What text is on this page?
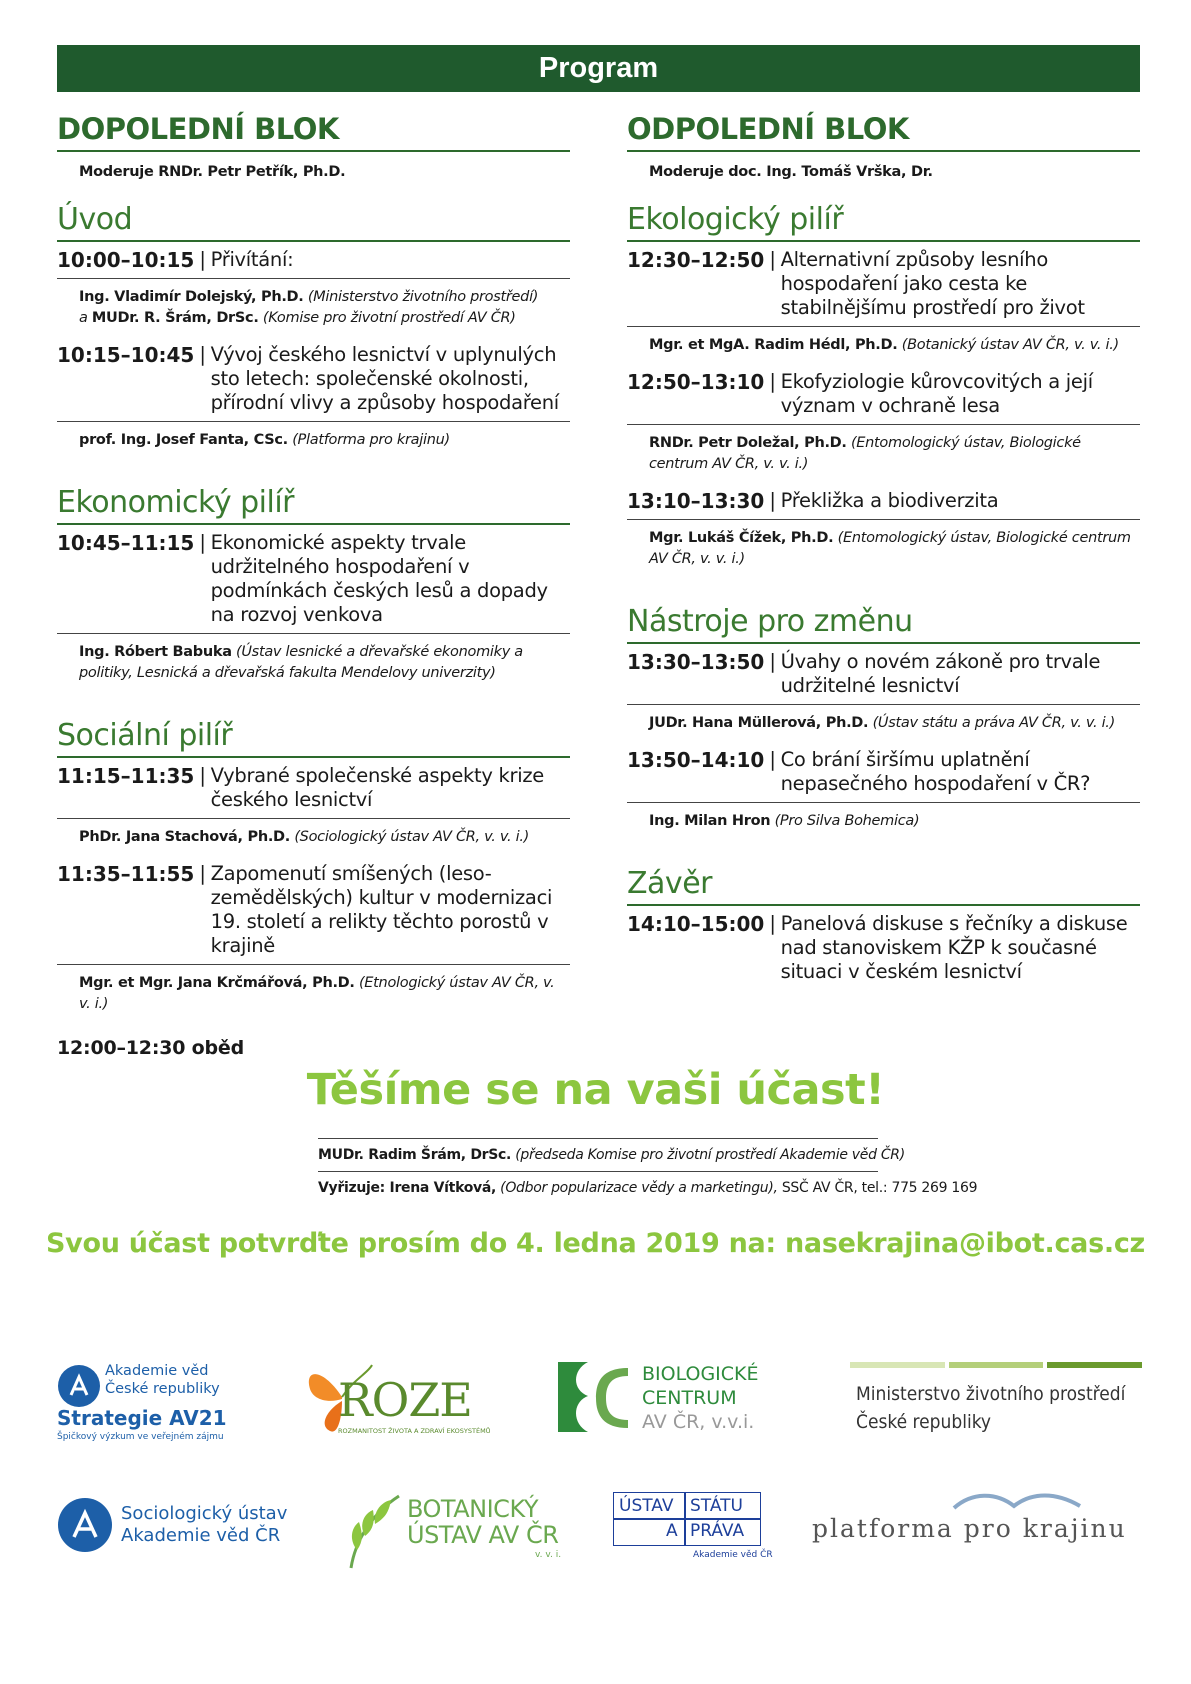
Program
DOPOLEDNÍ BLOK
Moderuje RNDr. Petr Petřík, Ph.D.
Úvod
10:00–10:15 | Přivítání:
Ing. Vladimír Dolejský, Ph.D. (Ministerstvo životního prostředí)
a MUDr. R. Šrám, DrSc. (Komise pro životní prostředí AV ČR)
10:15–10:45 | Vývoj českého lesnictví v uplynulých sto letech: společenské okolnosti, přírodní vlivy a způsoby hospodaření
prof. Ing. Josef Fanta, CSc. (Platforma pro krajinu)
Ekonomický pilíř
10:45–11:15 | Ekonomické aspekty trvale udržitelného hospodaření v podmínkách českých lesů a dopady na rozvoj venkova
Ing. Róbert Babuka (Ústav lesnické a dřevařské ekonomiky a politiky, Lesnická a dřevařská fakulta Mendelovy univerzity)
Sociální pilíř
11:15–11:35 | Vybrané společenské aspekty krize českého lesnictví
PhDr. Jana Stachová, Ph.D. (Sociologický ústav AV ČR, v. v. i.)
11:35–11:55 | Zapomenutí smíšených (leso-zemědělských) kultur v modernizaci 19. století a relikty těchto porostů v krajině
Mgr. et Mgr. Jana Krčmářová, Ph.D. (Etnologický ústav AV ČR, v. v. i.)
12:00–12:30 oběd
ODPOLEDNÍ BLOK
Moderuje doc. Ing. Tomáš Vrška, Dr.
Ekologický pilíř
12:30–12:50 | Alternativní způsoby lesního hospodaření jako cesta ke stabilnějšímu prostředí pro život
Mgr. et MgA. Radim Hédl, Ph.D. (Botanický ústav AV ČR, v. v. i.)
12:50–13:10 | Ekofyziologie kůrovcovitých a její význam v ochraně lesa
RNDr. Petr Doležal, Ph.D. (Entomologický ústav, Biologické centrum AV ČR, v. v. i.)
13:10–13:30 | Překližka a biodiverzita
Mgr. Lukáš Čížek, Ph.D. (Entomologický ústav, Biologické centrum AV ČR, v. v. i.)
Nástroje pro změnu
13:30–13:50 | Úvahy o novém zákoně pro trvale udržitelné lesnictví
JUDr. Hana Müllerová, Ph.D. (Ústav státu a práva AV ČR, v. v. i.)
13:50–14:10 | Co brání širšímu uplatnění nepasečného hospodaření v ČR?
Ing. Milan Hron (Pro Silva Bohemica)
Závěr
14:10–15:00 | Panelová diskuse s řečníky a diskuse nad stanoviskem KŽP k současné situaci v českém lesnictví
Těšíme se na vaši účast!
MUDr. Radim Šrám, DrSc. (předseda Komise pro životní prostředí Akademie věd ČR)
Vyřizuje: Irena Vítková, (Odbor popularizace vědy a marketingu), SSČ AV ČR, tel.: 775 269 169
Svou účast potvrďte prosím do 4. ledna 2019 na: nasekrajina@ibot.cas.cz
Akademie věd
České republiky
Strategie AV21
Špičkový výzkum ve veřejném zájmu
ROZE
ROZMANITOST ŽIVOTA A ZDRAVÍ EKOSYSTÉMŮ
BIOLOGICKÉ
CENTRUM
AV ČR, v.v.i.
Ministerstvo životního prostředí
České republiky
Sociologický ústav
Akademie věd ČR
BOTANICKÝ
ÚSTAV AV ČR
v. v. i.
ÚSTAV STÁTU
A PRÁVA
Akademie věd ČR
platforma pro krajinu
